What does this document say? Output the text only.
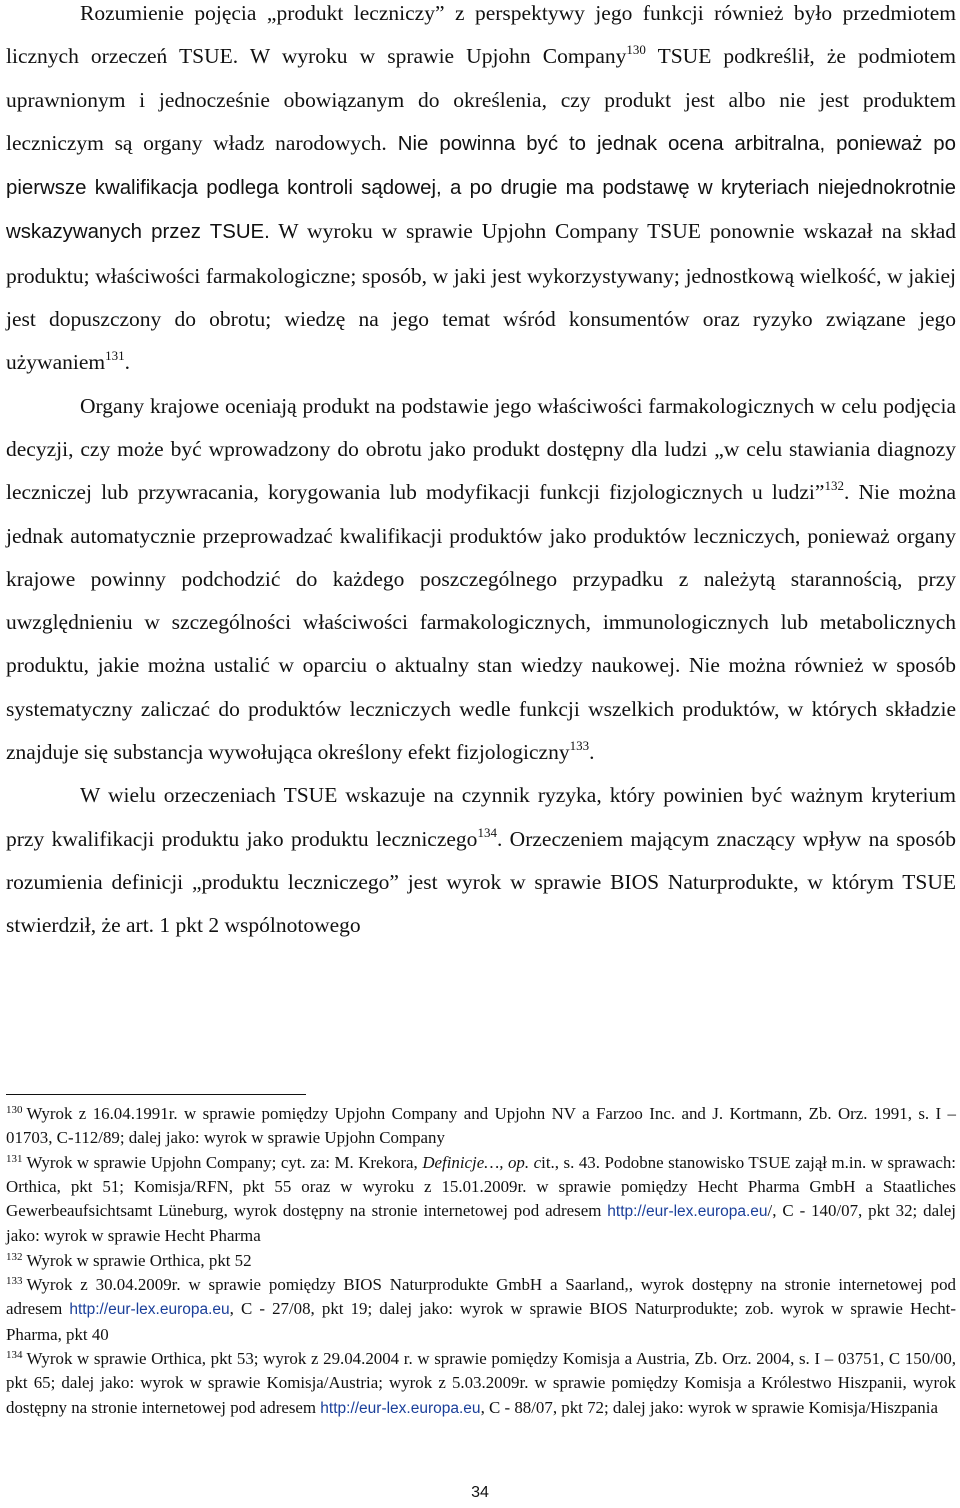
Rozumienie pojęcia „produkt leczniczy” z perspektywy jego funkcji również było przedmiotem licznych orzeczeń TSUE. W wyroku w sprawie Upjohn Company$^{130}$ TSUE podkreślił, że podmiotem uprawnionym i jednocześnie obowiązanym do określenia, czy produkt jest albo nie jest produktem leczniczym są organy władz narodowych. Nie powinna być to jednak ocena arbitralna, ponieważ po pierwsze kwalifikacja podlega kontroli sądowej, a po drugie ma podstawę w kryteriach niejednokrotnie wskazywanych przez TSUE. W wyroku w sprawie Upjohn Company TSUE ponownie wskazał na skład produktu; właściwości farmakologiczne; sposób, w jaki jest wykorzystywany; jednostkową wielkość, w jakiej jest dopuszczony do obrotu; wiedzę na jego temat wśród konsumentów oraz ryzyko związane jego używaniem$^{131}$.

Organy krajowe oceniają produkt na podstawie jego właściwości farmakologicznych w celu podjęcia decyzji, czy może być wprowadzony do obrotu jako produkt dostępny dla ludzi „w celu stawiania diagnozy leczniczej lub przywracania, korygowania lub modyfikacji funkcji fizjologicznych u ludzi”$^{132}$. Nie można jednak automatycznie przeprowadzać kwalifikacji produktów jako produktów leczniczych, ponieważ organy krajowe powinny podchodzić do każdego poszczególnego przypadku z należytą starannością, przy uwzględnieniu w szczególności właściwości farmakologicznych, immunologicznych lub metabolicznych produktu, jakie można ustalić w oparciu o aktualny stan wiedzy naukowej. Nie można również w sposób systematyczny zaliczać do produktów leczniczych wedle funkcji wszelkich produktów, w których składzie znajduje się substancja wywołująca określony efekt fizjologiczny$^{133}$.

W wielu orzeczeniach TSUE wskazuje na czynnik ryzyka, który powinien być ważnym kryterium przy kwalifikacji produktu jako produktu leczniczego$^{134}$. Orzeczeniem mającym znaczący wpływ na sposób rozumienia definicji „produktu leczniczego” jest wyrok w sprawie BIOS Naturprodukte, w którym TSUE stwierdził, że art. 1 pkt 2 wspólnotowego

$^{130}$ Wyrok z 16.04.1991r. w sprawie pomiędzy Upjohn Company and Upjohn NV a Farzoo Inc. and J. Kortmann, Zb. Orz. 1991, s. I – 01703, C-112/89; dalej jako: wyrok w sprawie Upjohn Company

$^{131}$ Wyrok w sprawie Upjohn Company; cyt. za: M. Krekora, Definicje…, op. cit., s. 43. Podobne stanowisko TSUE zajął m.in. w sprawach: Orthica, pkt 51; Komisja/RFN, pkt 55 oraz w wyroku z 15.01.2009r. w sprawie pomiędzy Hecht Pharma GmbH a Staatliches Gewerbeaufsichtsamt Lüneburg, wyrok dostępny na stronie internetowej pod adresem http://eur-lex.europa.eu/, C - 140/07, pkt 32; dalej jako: wyrok w sprawie Hecht Pharma

$^{132}$ Wyrok w sprawie Orthica, pkt 52

$^{133}$ Wyrok z 30.04.2009r. w sprawie pomiędzy BIOS Naturprodukte GmbH a Saarland,, wyrok dostępny na stronie internetowej pod adresem http://eur-lex.europa.eu, C - 27/08, pkt 19; dalej jako: wyrok w sprawie BIOS Naturprodukte; zob. wyrok w sprawie Hecht-Pharma, pkt 40

$^{134}$ Wyrok w sprawie Orthica, pkt 53; wyrok z 29.04.2004 r. w sprawie pomiędzy Komisja a Austria, Zb. Orz. 2004, s. I – 03751, C 150/00, pkt 65; dalej jako: wyrok w sprawie Komisja/Austria; wyrok z 5.03.2009r. w sprawie pomiędzy Komisja a Królestwo Hiszpanii, wyrok dostępny na stronie internetowej pod adresem http://eur-lex.europa.eu, C - 88/07, pkt 72; dalej jako: wyrok w sprawie Komisja/Hiszpania

34
